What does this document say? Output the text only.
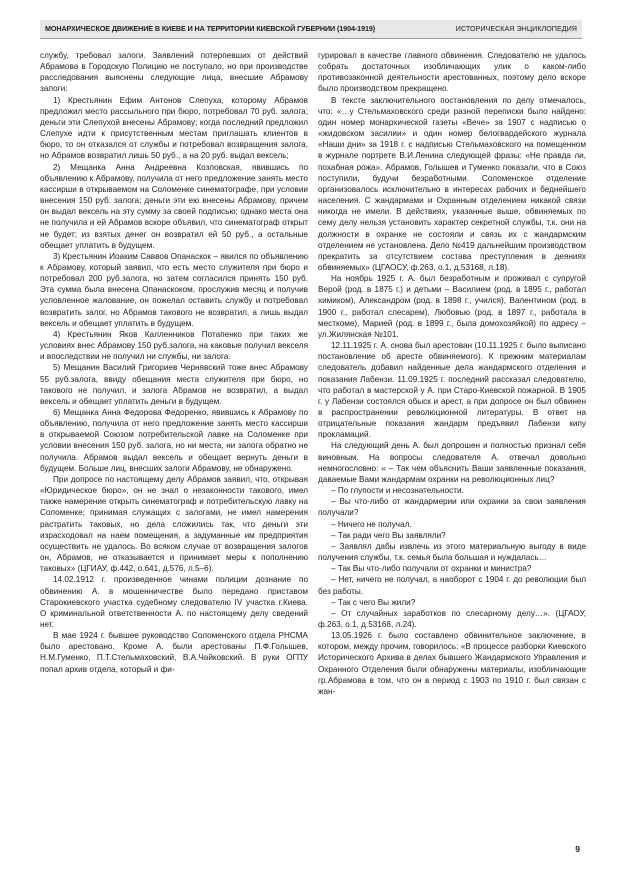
МОНАРХИЧЕСКОЕ ДВИЖЕНИЕ В КИЕВЕ И НА ТЕРРИТОРИИ КИЕВСКОЙ ГУБЕРНИИ (1904-1919)	ИСТОРИЧЕСКАЯ ЭНЦИКЛОПЕДИЯ

службу, требовал залоги. Заявлений потерпевших от действий Абрамова в Городскую Полицию не поступало, но при производстве расследования выяснены следующие лица, внесшие Абрамову залоги:

1) Крестьянин Ефим Антонов Слепуха, которому Абрамов предложил место рассыльного при бюро, потребовал 70 руб. залога; деньги эти Слепухой внесены Абрамову; когда последний предложил Слепухе идти к присутственным местам приглашать клиентов в бюро, то он отказался от службы и потребовал возвращения залога, но Абрамов возвратил лишь 50 руб., а на 20 руб. выдал вексель;

2) Мещанка Анна Андреевна Козловская, явившись по объявлению к Абрамову, получила от него предложение занять место кассирши в открываемом на Соломенке синематографе, при условии внесения 150 руб. залога; деньги эти ею внесены Абрамову, причем он выдал вексель на эту сумму за своей подписью; однако места она не получила и ей Абрамов вскоре объявил, что синематограф открыт не будет; из взятых денег он возвратил ей 50 руб., а остальные обещает уплатить в будущем.

3) Крестьянин Иоаким Саввов Опанаскок – явился по объявлению к Абрамову, который заявил, что есть место служителя при бюро и потребовал 200 руб.залога, но затем согласился принять 150 руб. Эта сумма была внесена Опанаскоком, прослужив месяц и получив условленное жалование, он пожелал оставить службу и потребовал возвратить залог, но Абрамов такового не возвратил, а лишь выдал вексель и обещает уплатить в будущем.

4) Крестьянин Яков Калленников Потапенко при таких же условиях внес Абрамову 150 руб.залога, на каковые получил векселя и впоследствии не получил ни службы, ни залога.

5) Мещанин Василий Григориев Чернявский тоже внес Абрамову 55 руб.залога, ввиду обещания места служителя при бюро, но такового не получил, и залога Абрамов не возвратил, а выдал вексель и обещает уплатить деньги в будущем.

6) Мещанка Анна Федорова Федоренко, явившись к Абрамову по объявлению, получила от него предложение занять место кассирши в открываемой Союзом потребительской лавке на Соломенке при условии внесения 150 руб. залога, но ни места, ни залога обратно не получила. Абрамов выдал вексель и обещает вернуть деньги в будущем. Больше лиц, внесших залоги Абрамову, не обнаружено.

При допросе по настоящему делу Абрамов заявил, что, открывая «Юридическое бюро», он не знал о незаконности такового, имел также намерение открыть синематограф и потребительскую лавку на Соломенке; принимая служащих с залогами, не имел намерения растратить таковых, но дела сложились так, что деньги эти израсходовал на наем помещения, а задуманные им предприятия осуществить не удалось. Во всяком случае от возвращения залогов он, Абрамов, не отказывается и принимает меры к пополнению таковых» (ЦГИАУ, ф.442, о.641, д.576, л.5–6).

14.02.1912 г. произведенное чинами полиции дознание по обвинению А. в мошенничестве было передано приставом Старокиевского участка судебному следователю IV участка г.Киева. О криминальной ответственности А. по настоящему делу сведений нет.

В мае 1924 г. бывшее руководство Соломенского отдела РНСМА было арестовано. Кроме А. были арестованы П.Ф.Голышев, Н.М.Гуменко, П.Т.Стельмаховский, В.А.Чайковский. В руки ОГПУ попал архив отдела, который и фи-

гурировал в качестве главного обвинения. Следователю не удалось собрать достаточных изобличающих улик о каком-либо противозаконной деятельности арестованных, поэтому дело вскоре было производством прекращено.

В тексте заключительного постановления по делу отмечалось, что: «…у Стельмаховского среди разной переписки было найдено: один номер монархической газеты «Вече» за 1907 с надписью о «жидовском засилии» и один номер белогвардейского журнала «Наши дни» за 1918 г. с надписью Стельмаховского на помещенном в журнале портрете В.И.Ленина следующей фразы: «Не правда ли, похабная рожа». Абрамов, Голышев и Гуменко показали, что в Союз поступили, будучи безработными. Соломенское отделение организовалось исключительно в интересах рабочих и беднейшего населения. С жандармами и Охранным отделением никакой связи никогда не имели. В действиях, указанные выше, обвиняемых по сему делу нельзя установить характер секретной службы, т.к. они на должности в охранке не состояли и связь их с жандармским отделением не установлена. Дело №419 дальнейшим производством прекратить за отсутствием состава преступления в деяниях обвиняемых» (ЦГАОСУ, ф.263, о.1, д.53168, л.18).

На ноябрь 1925 г. А. был безработным и проживал с супругой Верой (род. в 1875 г.) и детьми – Василием (род. в 1895 г., работал химиком), Александром (род. в 1898 г., учился), Валентином (род. в 1900 г., работал слесарем), Любовью (род. в 1897 г., работала в месткоме), Марией (род. в 1899 г., была домохозяйкой) по адресу – ул.Жилянская №101.

12.11.1925 г. А. снова был арестован (10.11.1925 г. было выписано постановление об аресте обвиняемого). К прежним материалам следователь добавил найденные дела жандармского отделения и показания Лабензи. 11.09.1925 г. последний рассказал следователю, что работал в мастерской у А. при Старо-Киевской пожарной. В 1905 г. у Лабензи состоялся обыск и арест, а при допросе он был обвинен в распространении революционной литературы. В ответ на отрицательные показания жандарм предъявил Лабензи кипу прокламаций.

На следующий день А. был допрошен и полностью признал себя виновным. На вопросы следователя А. отвечал довольно немногословно: « – Так чем объяснить Ваши заявленные показания, даваемые Вами жандармам охранки на революционных лиц?

– По глупости и несознательности.

– Вы что-либо от жандармерии или охранки за свои заявления получали?

– Ничего не получал.

– Так ради чего Вы заявляли?

– Заявлял дабы извлечь из этого материальную выгоду в виде получения службы, т.к. семья была большая и нуждалась…

– Так Вы что-либо получали от охранки и министра?

– Нет, ничего не получал, а наоборот с 1904 г. до революции был без работы.

– Так с чего Вы жили?

– От случайных заработков по слесарному делу…». (ЦГАОУ, ф.263, о.1, д.53168, л.24).

13.05.1926 г. было составлено обвинительное заключение, в котором, между прочим, говорилось: «В процессе разборки Киевского Исторического Архива в делах бывшего Жандармского Управления и Охранного Отделения были обнаружены материалы, изобличающие гр.Абрамова в том, что он в период с 1903 по 1910 г. был связан с жан-

9
